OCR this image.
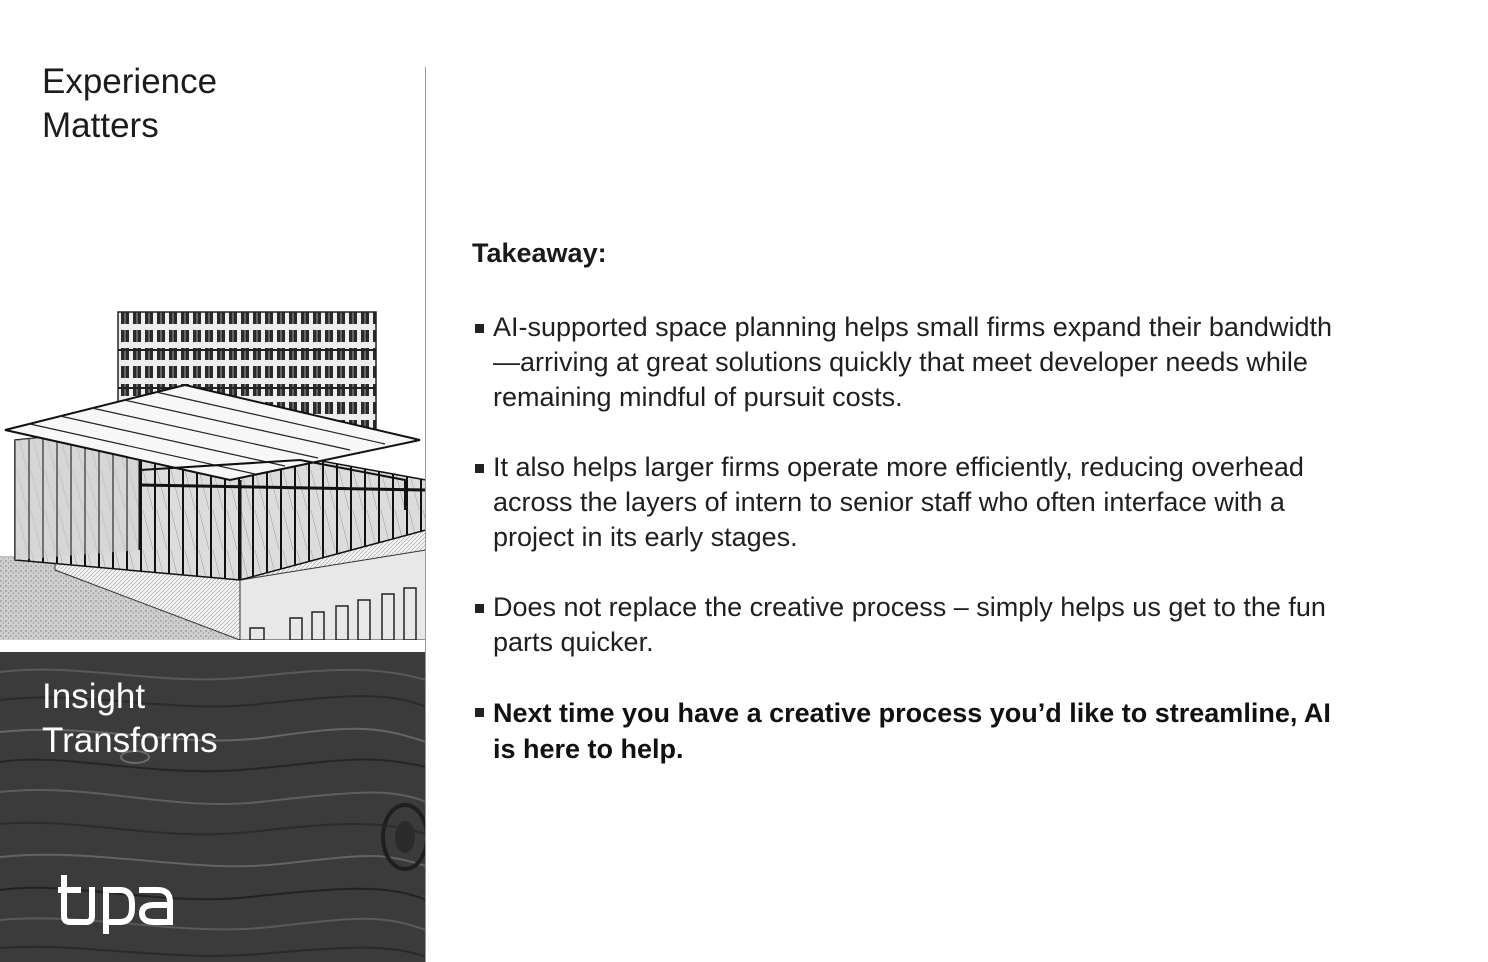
Experience
Matters
Insight
Transforms
Takeaway:
AI-supported space planning helps small firms expand their bandwidth—arriving at great solutions quickly that meet developer needs while remaining mindful of pursuit costs.
It also helps larger firms operate more efficiently, reducing overhead across the layers of intern to senior staff who often interface with a project in its early stages.
Does not replace the creative process – simply helps us get to the fun parts quicker.
Next time you have a creative process you’d like to streamline, AI is here to help.
